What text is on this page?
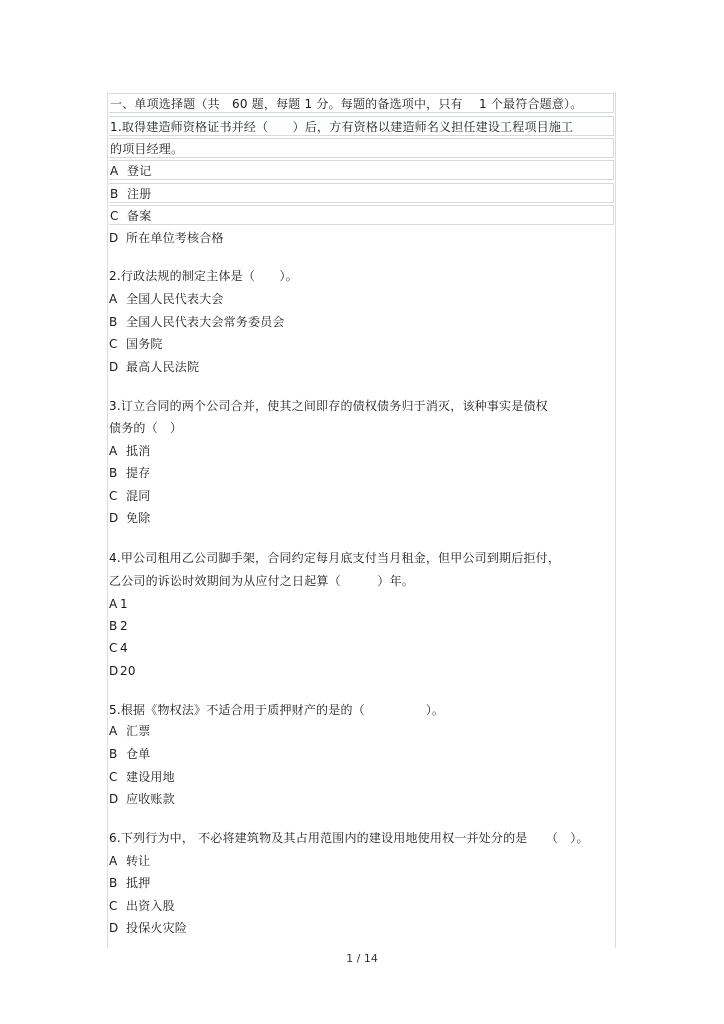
一、单项选择题（共　60 题，每题 1 分。每题的备选项中，只有　 1 个最符合题意）。
1.取得建造师资格证书并经（　　）后，方有资格以建造师名义担任建设工程项目施工
的项目经理。
A 登记
B 注册
C 备案
D 所在单位考核合格
2.行政法规的制定主体是（　　）。
A 全国人民代表大会
B 全国人民代表大会常务委员会
C 国务院
D 最高人民法院
3.订立合同的两个公司合并，使其之间即存的债权债务归于消灭，该种事实是债权
债务的（　）
A 抵消
B 提存
C 混同
D 免除
4.甲公司租用乙公司脚手架，合同约定每月底支付当月租金，但甲公司到期后拒付，
乙公司的诉讼时效期间为从应付之日起算（　　　）年。
A 1
B 2
C 4
D 20
5.根据《物权法》不适合用于质押财产的是的（　　　　　）。
A 汇票
B 仓单
C 建设用地
D 应收账款
6.下列行为中， 不必将建筑物及其占用范围内的建设用地使用权一并处分的是　　（　）。
A 转让
B 抵押
C 出资入股
D 投保火灾险
1 / 14
